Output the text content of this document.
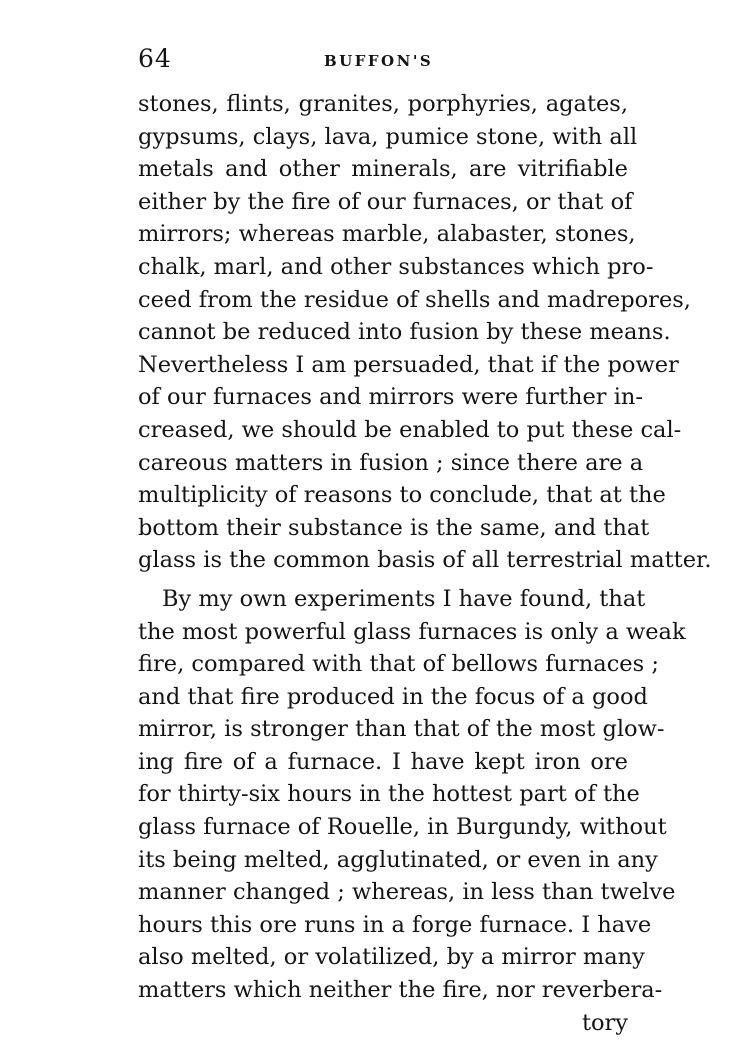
64	BUFFON'S
stones, flints, granites, porphyries, agates,
gypsums, clays, lava, pumice stone, with all
metals and other minerals, are vitrifiable
either by the fire of our furnaces, or that of
mirrors; whereas marble, alabaster, stones,
chalk, marl, and other substances which pro-
ceed from the residue of shells and madrepores,
cannot be reduced into fusion by these means.
Nevertheless I am persuaded, that if the power
of our furnaces and mirrors were further in-
creased, we should be enabled to put these cal-
careous matters in fusion ; since there are a
multiplicity of reasons to conclude, that at the
bottom their substance is the same, and that
glass is the common basis of all terrestrial matter.
By my own experiments I have found, that
the most powerful glass furnaces is only a weak
fire, compared with that of bellows furnaces ;
and that fire produced in the focus of a good
mirror, is stronger than that of the most glow-
ing fire of a furnace. I have kept iron ore
for thirty-six hours in the hottest part of the
glass furnace of Rouelle, in Burgundy, without
its being melted, agglutinated, or even in any
manner changed ; whereas, in less than twelve
hours this ore runs in a forge furnace. I have
also melted, or volatilized, by a mirror many
matters which neither the fire, nor reverbera-
tory
